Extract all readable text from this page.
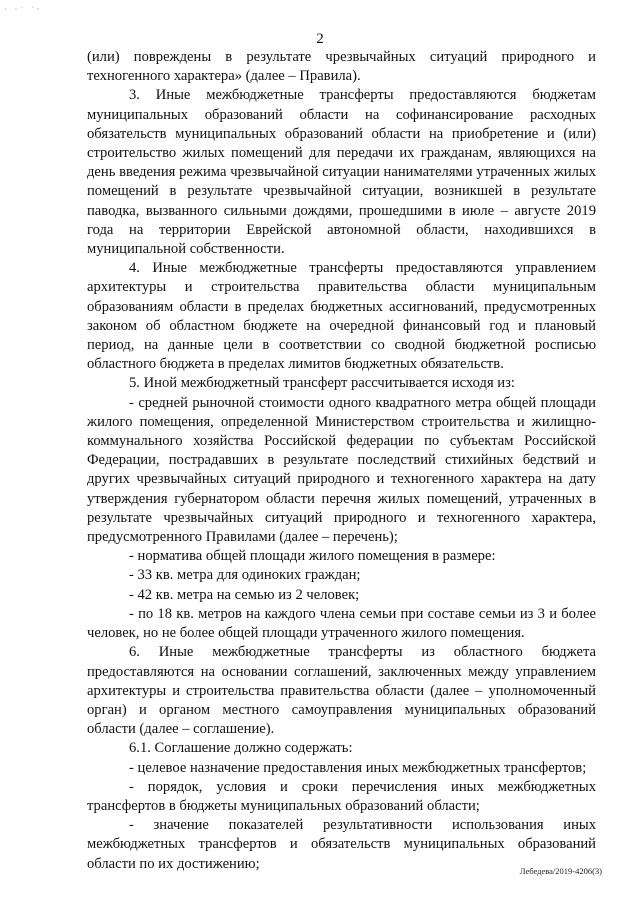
· ·˙ ˙·
2

(или) повреждены в результате чрезвычайных ситуаций природного и техногенного характера» (далее – Правила).

3. Иные межбюджетные трансферты предоставляются бюджетам муниципальных образований области на софинансирование расходных обязательств муниципальных образований области на приобретение и (или) строительство жилых помещений для передачи их гражданам, являющихся на день введения режима чрезвычайной ситуации нанимателями утраченных жилых помещений в результате чрезвычайной ситуации, возникшей в результате паводка, вызванного сильными дождями, прошедшими в июле – августе 2019 года на территории Еврейской автономной области, находившихся в муниципальной собственности.

4. Иные межбюджетные трансферты предоставляются управлением архитектуры и строительства правительства области муниципальным образованиям области в пределах бюджетных ассигнований, предусмотренных законом об областном бюджете на очередной финансовый год и плановый период, на данные цели в соответствии со сводной бюджетной росписью областного бюджета в пределах лимитов бюджетных обязательств.

5. Иной межбюджетный трансферт рассчитывается исходя из:

- средней рыночной стоимости одного квадратного метра общей площади жилого помещения, определенной Министерством строительства и жилищно-коммунального хозяйства Российской федерации по субъектам Российской Федерации, пострадавших в результате последствий стихийных бедствий и других чрезвычайных ситуаций природного и техногенного характера на дату утверждения губернатором области перечня жилых помещений, утраченных в результате чрезвычайных ситуаций природного и техногенного характера, предусмотренного Правилами (далее – перечень);

- норматива общей площади жилого помещения в размере:

- 33 кв. метра для одиноких граждан;

- 42 кв. метра на семью из 2 человек;

- по 18 кв. метров на каждого члена семьи при составе семьи из 3 и более человек, но не более общей площади утраченного жилого помещения.

6. Иные межбюджетные трансферты из областного бюджета предоставляются на основании соглашений, заключенных между управлением архитектуры и строительства правительства области (далее – уполномоченный орган) и органом местного самоуправления муниципальных образований области (далее – соглашение).

6.1. Соглашение должно содержать:

- целевое назначение предоставления иных межбюджетных трансфертов;

- порядок, условия и сроки перечисления иных межбюджетных трансфертов в бюджеты муниципальных образований области;

- значение показателей результативности использования иных межбюджетных трансфертов и обязательств муниципальных образований области по их достижению;	Лебедева/2019-4206(3)
